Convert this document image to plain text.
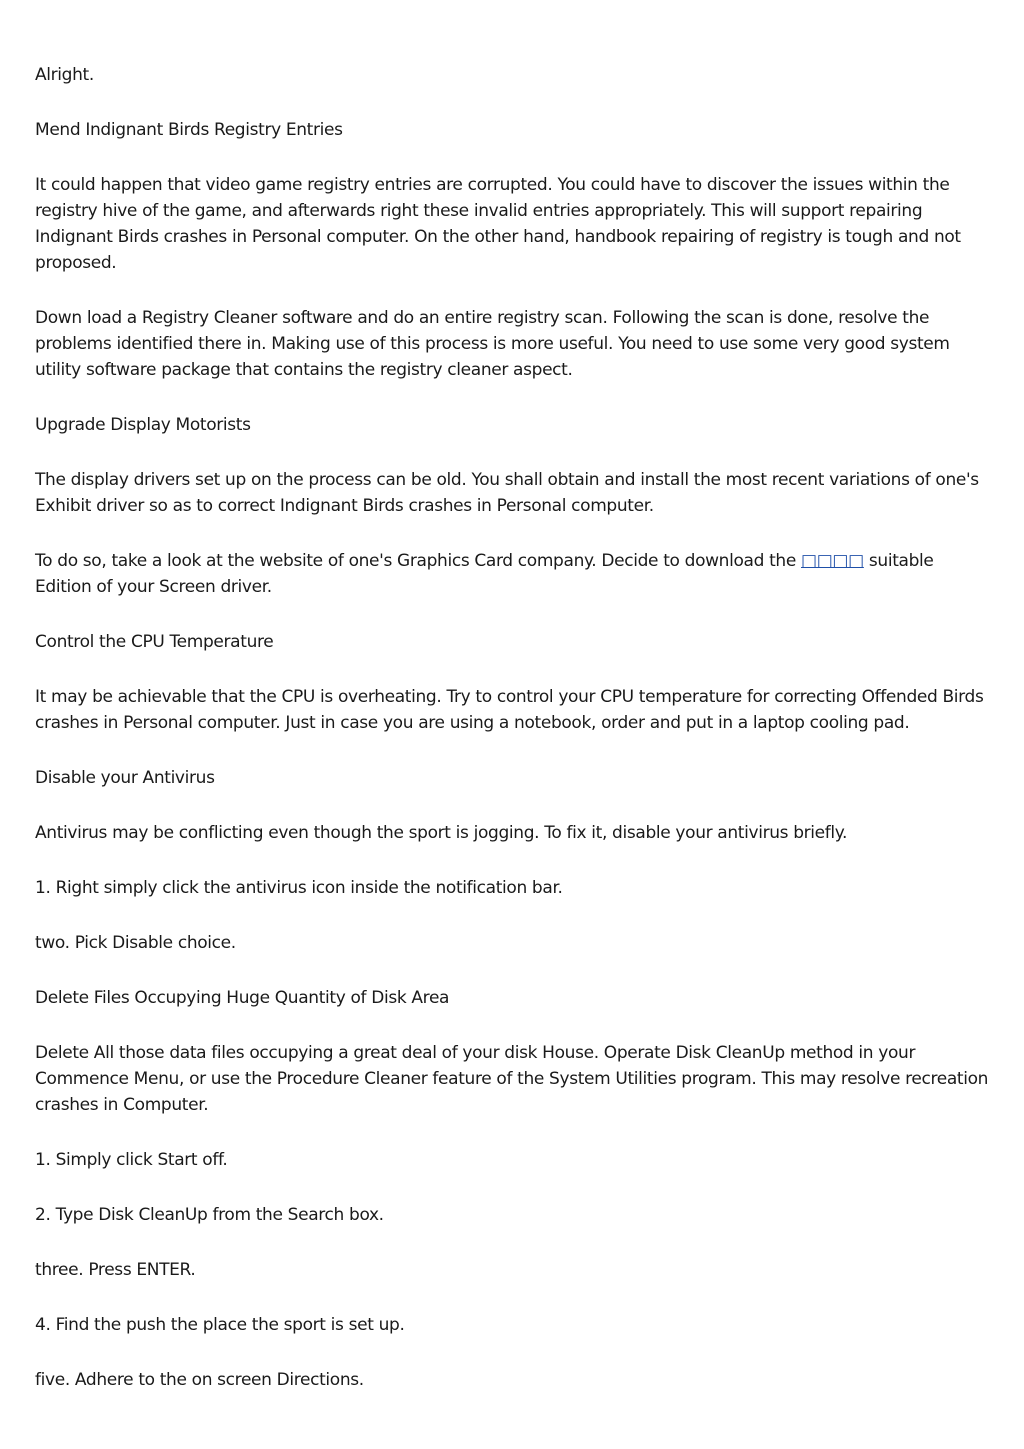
Alright.

Mend Indignant Birds Registry Entries

It could happen that video game registry entries are corrupted. You could have to discover the issues within the registry hive of the game, and afterwards right these invalid entries appropriately. This will support repairing Indignant Birds crashes in Personal computer. On the other hand, handbook repairing of registry is tough and not proposed.

Down load a Registry Cleaner software and do an entire registry scan. Following the scan is done, resolve the problems identified there in. Making use of this process is more useful. You need to use some very good system utility software package that contains the registry cleaner aspect.

Upgrade Display Motorists

The display drivers set up on the process can be old. You shall obtain and install the most recent variations of one's Exhibit driver so as to correct Indignant Birds crashes in Personal computer.

To do so, take a look at the website of one's Graphics Card company. Decide to download the □□□□ suitable Edition of your Screen driver.

Control the CPU Temperature

It may be achievable that the CPU is overheating. Try to control your CPU temperature for correcting Offended Birds crashes in Personal computer. Just in case you are using a notebook, order and put in a laptop cooling pad.

Disable your Antivirus

Antivirus may be conflicting even though the sport is jogging. To fix it, disable your antivirus briefly.

1. Right simply click the antivirus icon inside the notification bar.

two. Pick Disable choice.

Delete Files Occupying Huge Quantity of Disk Area

Delete All those data files occupying a great deal of your disk House. Operate Disk CleanUp method in your Commence Menu, or use the Procedure Cleaner feature of the System Utilities program. This may resolve recreation crashes in Computer.

1. Simply click Start off.

2. Type Disk CleanUp from the Search box.

three. Press ENTER.

4. Find the push the place the sport is set up.

five. Adhere to the on screen Directions.
